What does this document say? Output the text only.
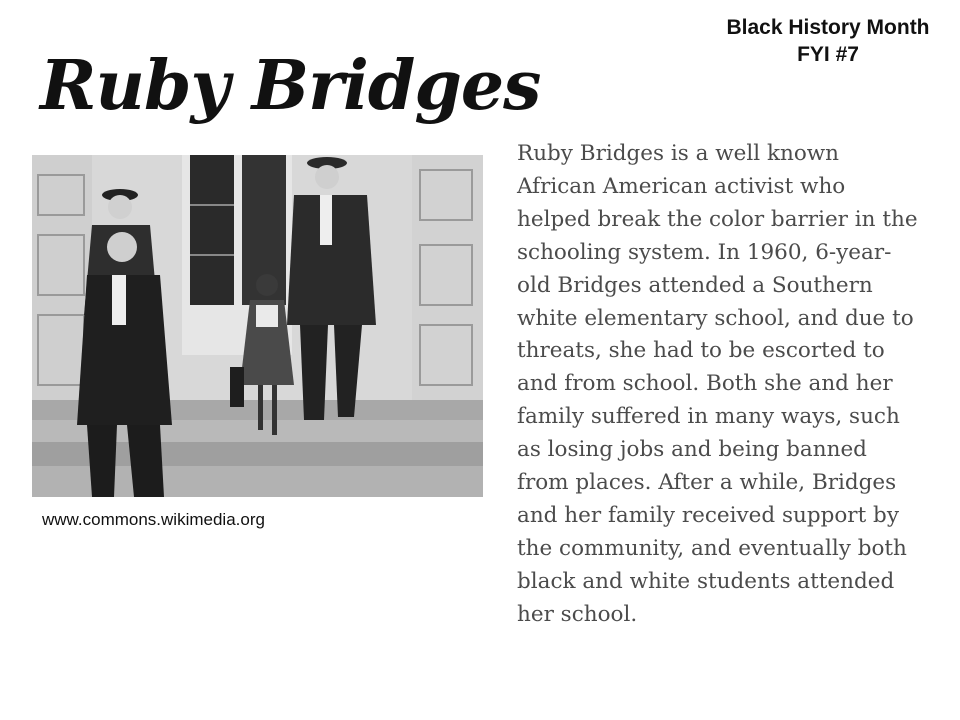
Black History Month
FYI #7
Ruby Bridges
www.commons.wikimedia.org

Ruby Bridges is a well known African American activist who helped break the color barrier in the schooling system. In 1960, 6-year-old Bridges attended a Southern white elementary school, and due to threats, she had to be escorted to and from school. Both she and her family suffered in many ways, such as losing jobs and being banned from places. After a while, Bridges and her family received support by the community, and eventually both black and white students attended her school.
